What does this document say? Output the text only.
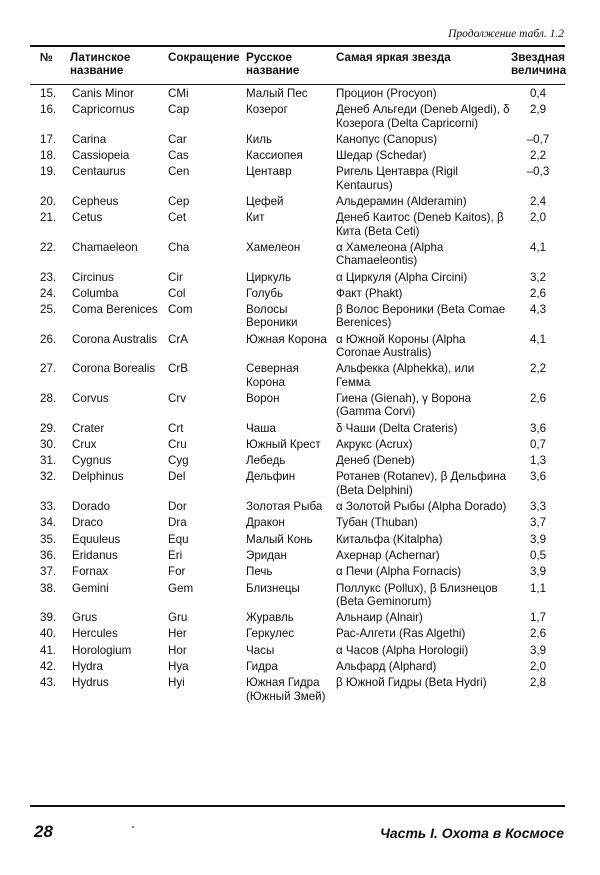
Продолжение табл. 1.2
№	Латинское название	Сокращение	Русское название	Самая яркая звезда	Звездная величина
15.	Canis Minor	CMi	Малый Пес	Процион (Procyon)	0,4
16.	Capricornus	Cap	Козерог	Денеб Альгеди (Deneb Algedi), δ Козерога (Delta Capricorni)	2,9
17.	Carina	Car	Киль	Канопус (Canopus)	–0,7
18.	Cassiopeia	Cas	Кассиопея	Шедар (Schedar)	2,2
19.	Centaurus	Cen	Центавр	Ригель Центавра (Rigil Kentaurus)	–0,3
20.	Cepheus	Cep	Цефей	Альдерамин (Alderamin)	2,4
21.	Cetus	Cet	Кит	Денеб Каитос (Deneb Kaitos), β Кита (Beta Ceti)	2,0
22.	Chamaeleon	Cha	Хамелеон	α Хамелеона (Alpha Chamaeleontis)	4,1
23.	Circinus	Cir	Циркуль	α Циркуля (Alpha Circini)	3,2
24.	Columba	Col	Голубь	Факт (Phakt)	2,6
25.	Coma Berenices	Com	Волосы Вероники	β Волос Вероники (Beta Comae Berenices)	4,3
26.	Corona Australis	CrA	Южная Корона	α Южной Короны (Alpha Coronae Australis)	4,1
27.	Corona Borealis	CrB	Северная Корона	Альфекка (Alphekka), или Гемма	2,2
28.	Corvus	Crv	Ворон	Гиена (Gienah), γ Ворона (Gamma Corvi)	2,6
29.	Crater	Crt	Чаша	δ Чаши (Delta Crateris)	3,6
30.	Crux	Cru	Южный Крест	Акрукс (Acrux)	0,7
31.	Cygnus	Cyg	Лебедь	Денеб (Deneb)	1,3
32.	Delphinus	Del	Дельфин	Ротанев (Rotanev), β Дельфина (Beta Delphini)	3,6
33.	Dorado	Dor	Золотая Рыба	α Золотой Рыбы (Alpha Dorado)	3,3
34.	Draco	Dra	Дракон	Тубан (Thuban)	3,7
35.	Equuleus	Equ	Малый Конь	Китальфа (Kitalpha)	3,9
36.	Eridanus	Eri	Эридан	Ахернар (Achernar)	0,5
37.	Fornax	For	Печь	α Печи (Alpha Fornacis)	3,9
38.	Gemini	Gem	Близнецы	Поллукс (Pollux), β Близнецов (Beta Geminorum)	1,1
39.	Grus	Gru	Журавль	Альнаир (Alnair)	1,7
40.	Hercules	Her	Геркулес	Рас-Алгети (Ras Algethi)	2,6
41.	Horologium	Hor	Часы	α Часов (Alpha Horologii)	3,9
42.	Hydra	Hya	Гидра	Альфард (Alphard)	2,0
43.	Hydrus	Hyi	Южная Гидра (Южный Змей)	β Южной Гидры (Beta Hydri)	2,8
28	Часть I. Охота в Космосе
